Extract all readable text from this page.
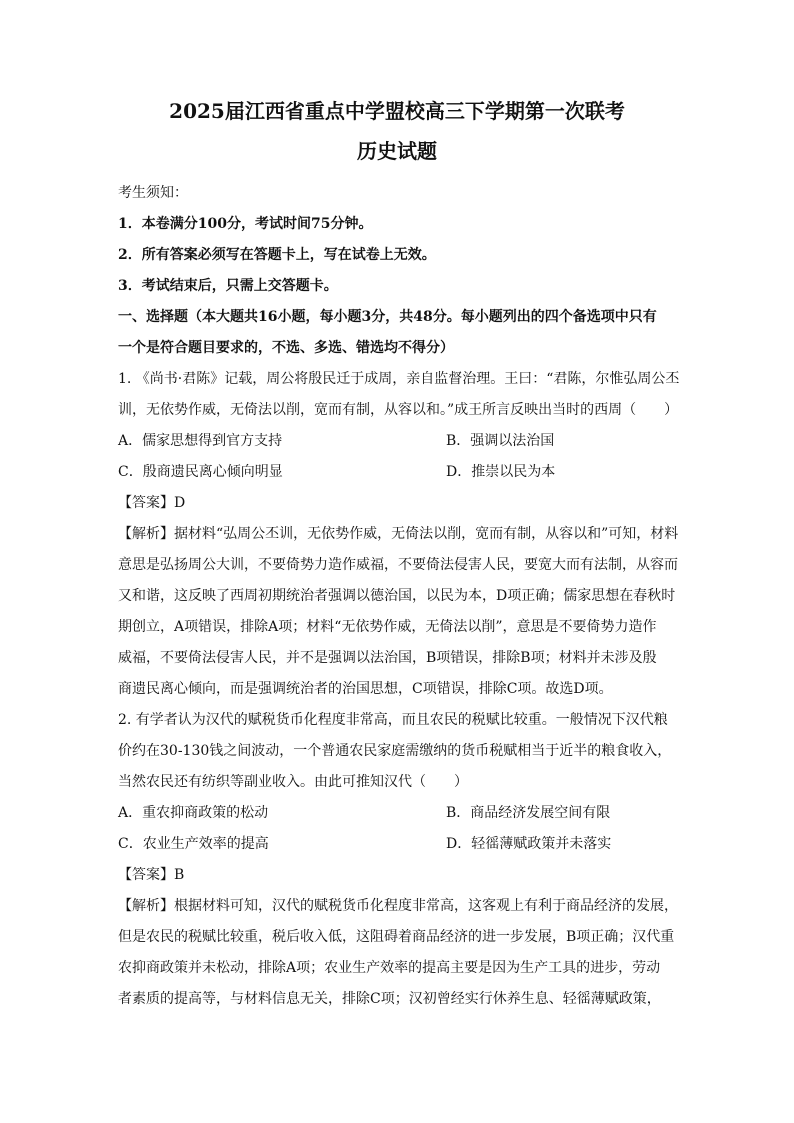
2025届江西省重点中学盟校高三下学期第一次联考

历史试题

考生须知：

1．本卷满分100分，考试时间75分钟。

2．所有答案必须写在答题卡上，写在试卷上无效。

3．考试结束后，只需上交答题卡。

一、选择题（本大题共16小题，每小题3分，共48分。每小题列出的四个备选项中只有

一个是符合题目要求的，不选、多选、错选均不得分）

1. 《尚书·君陈》记载，周公将殷民迁于成周，亲自监督治理。王曰：“君陈，尔惟弘周公丕

训，无依势作威，无倚法以削，宽而有制，从容以和。”成王所言反映出当时的西周（　　）

A．儒家思想得到官方支持	B．强调以法治国
C．殷商遗民离心倾向明显	D．推崇以民为本

【答案】D

【解析】据材料“弘周公丕训，无依势作威，无倚法以削，宽而有制，从容以和”可知，材料

意思是弘扬周公大训，不要倚势力造作威福，不要倚法侵害人民，要宽大而有法制，从容而

又和谐，这反映了西周初期统治者强调以德治国，以民为本，D项正确；儒家思想在春秋时

期创立，A项错误，排除A项；材料“无依势作威，无倚法以削”，意思是不要倚势力造作

威福，不要倚法侵害人民，并不是强调以法治国，B项错误，排除B项；材料并未涉及殷

商遗民离心倾向，而是强调统治者的治国思想，C项错误，排除C项。故选D项。

2. 有学者认为汉代的赋税货币化程度非常高，而且农民的税赋比较重。一般情况下汉代粮

价约在30-130钱之间波动，一个普通农民家庭需缴纳的货币税赋相当于近半的粮食收入，

当然农民还有纺织等副业收入。由此可推知汉代（　　）

A．重农抑商政策的松动	B．商品经济发展空间有限
C．农业生产效率的提高	D．轻徭薄赋政策并未落实

【答案】B

【解析】根据材料可知，汉代的赋税货币化程度非常高，这客观上有利于商品经济的发展，

但是农民的税赋比较重，税后收入低，这阻碍着商品经济的进一步发展，B项正确；汉代重

农抑商政策并未松动，排除A项；农业生产效率的提高主要是因为生产工具的进步，劳动

者素质的提高等，与材料信息无关，排除C项；汉初曾经实行休养生息、轻徭薄赋政策，
